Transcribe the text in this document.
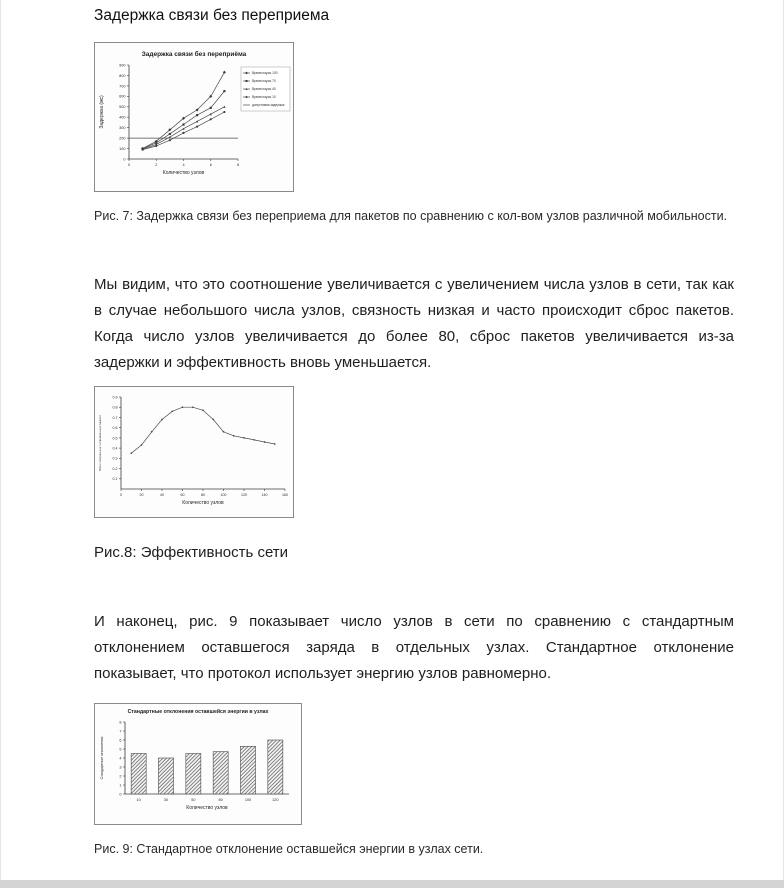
Задержка связи без переприема
Задержка связи без переприёма
0
100
200
300
400
500
600
700
800
900
0	2	4	6	8
Время паузы 100
Время паузы 70
Время паузы 40
Время паузы 10
допустимая задержка
Количество узлов
Задержка (мс)

Рис. 7: Задержка связи без переприема для пакетов по сравнению с кол-вом узлов различной мобильности.

Мы видим, что это соотношение увеличивается с увеличением числа узлов в сети, так как в случае небольшого числа узлов, связность низкая и часто происходит сброс пакетов. Когда число узлов увеличивается до более 80, сброс пакетов увеличивается из-за задержки и эффективность вновь уменьшается.

0.1
0.2
0.3
0.4
0.5
0.6
0.7
0.8
0.9
0	20	40	60	80	100	120	140	160
Количество узлов
Всего полученных / отправленных пакетов

Рис.8: Эффективность сети

И наконец, рис. 9 показывает число узлов в сети по сравнению с стандартным отклонением оставшегося заряда в отдельных узлах. Стандартное отклонение показывает, что протокол использует энергию узлов равномерно.

Стандартные отклонения оставшейся энергии в узлах
0
1
2
3
4
5
6
7
8
10	30	50	80	100	120
Количество узлов
Стандартные отклонения

Рис. 9: Стандартное отклонение оставшейся энергии в узлах сети.
